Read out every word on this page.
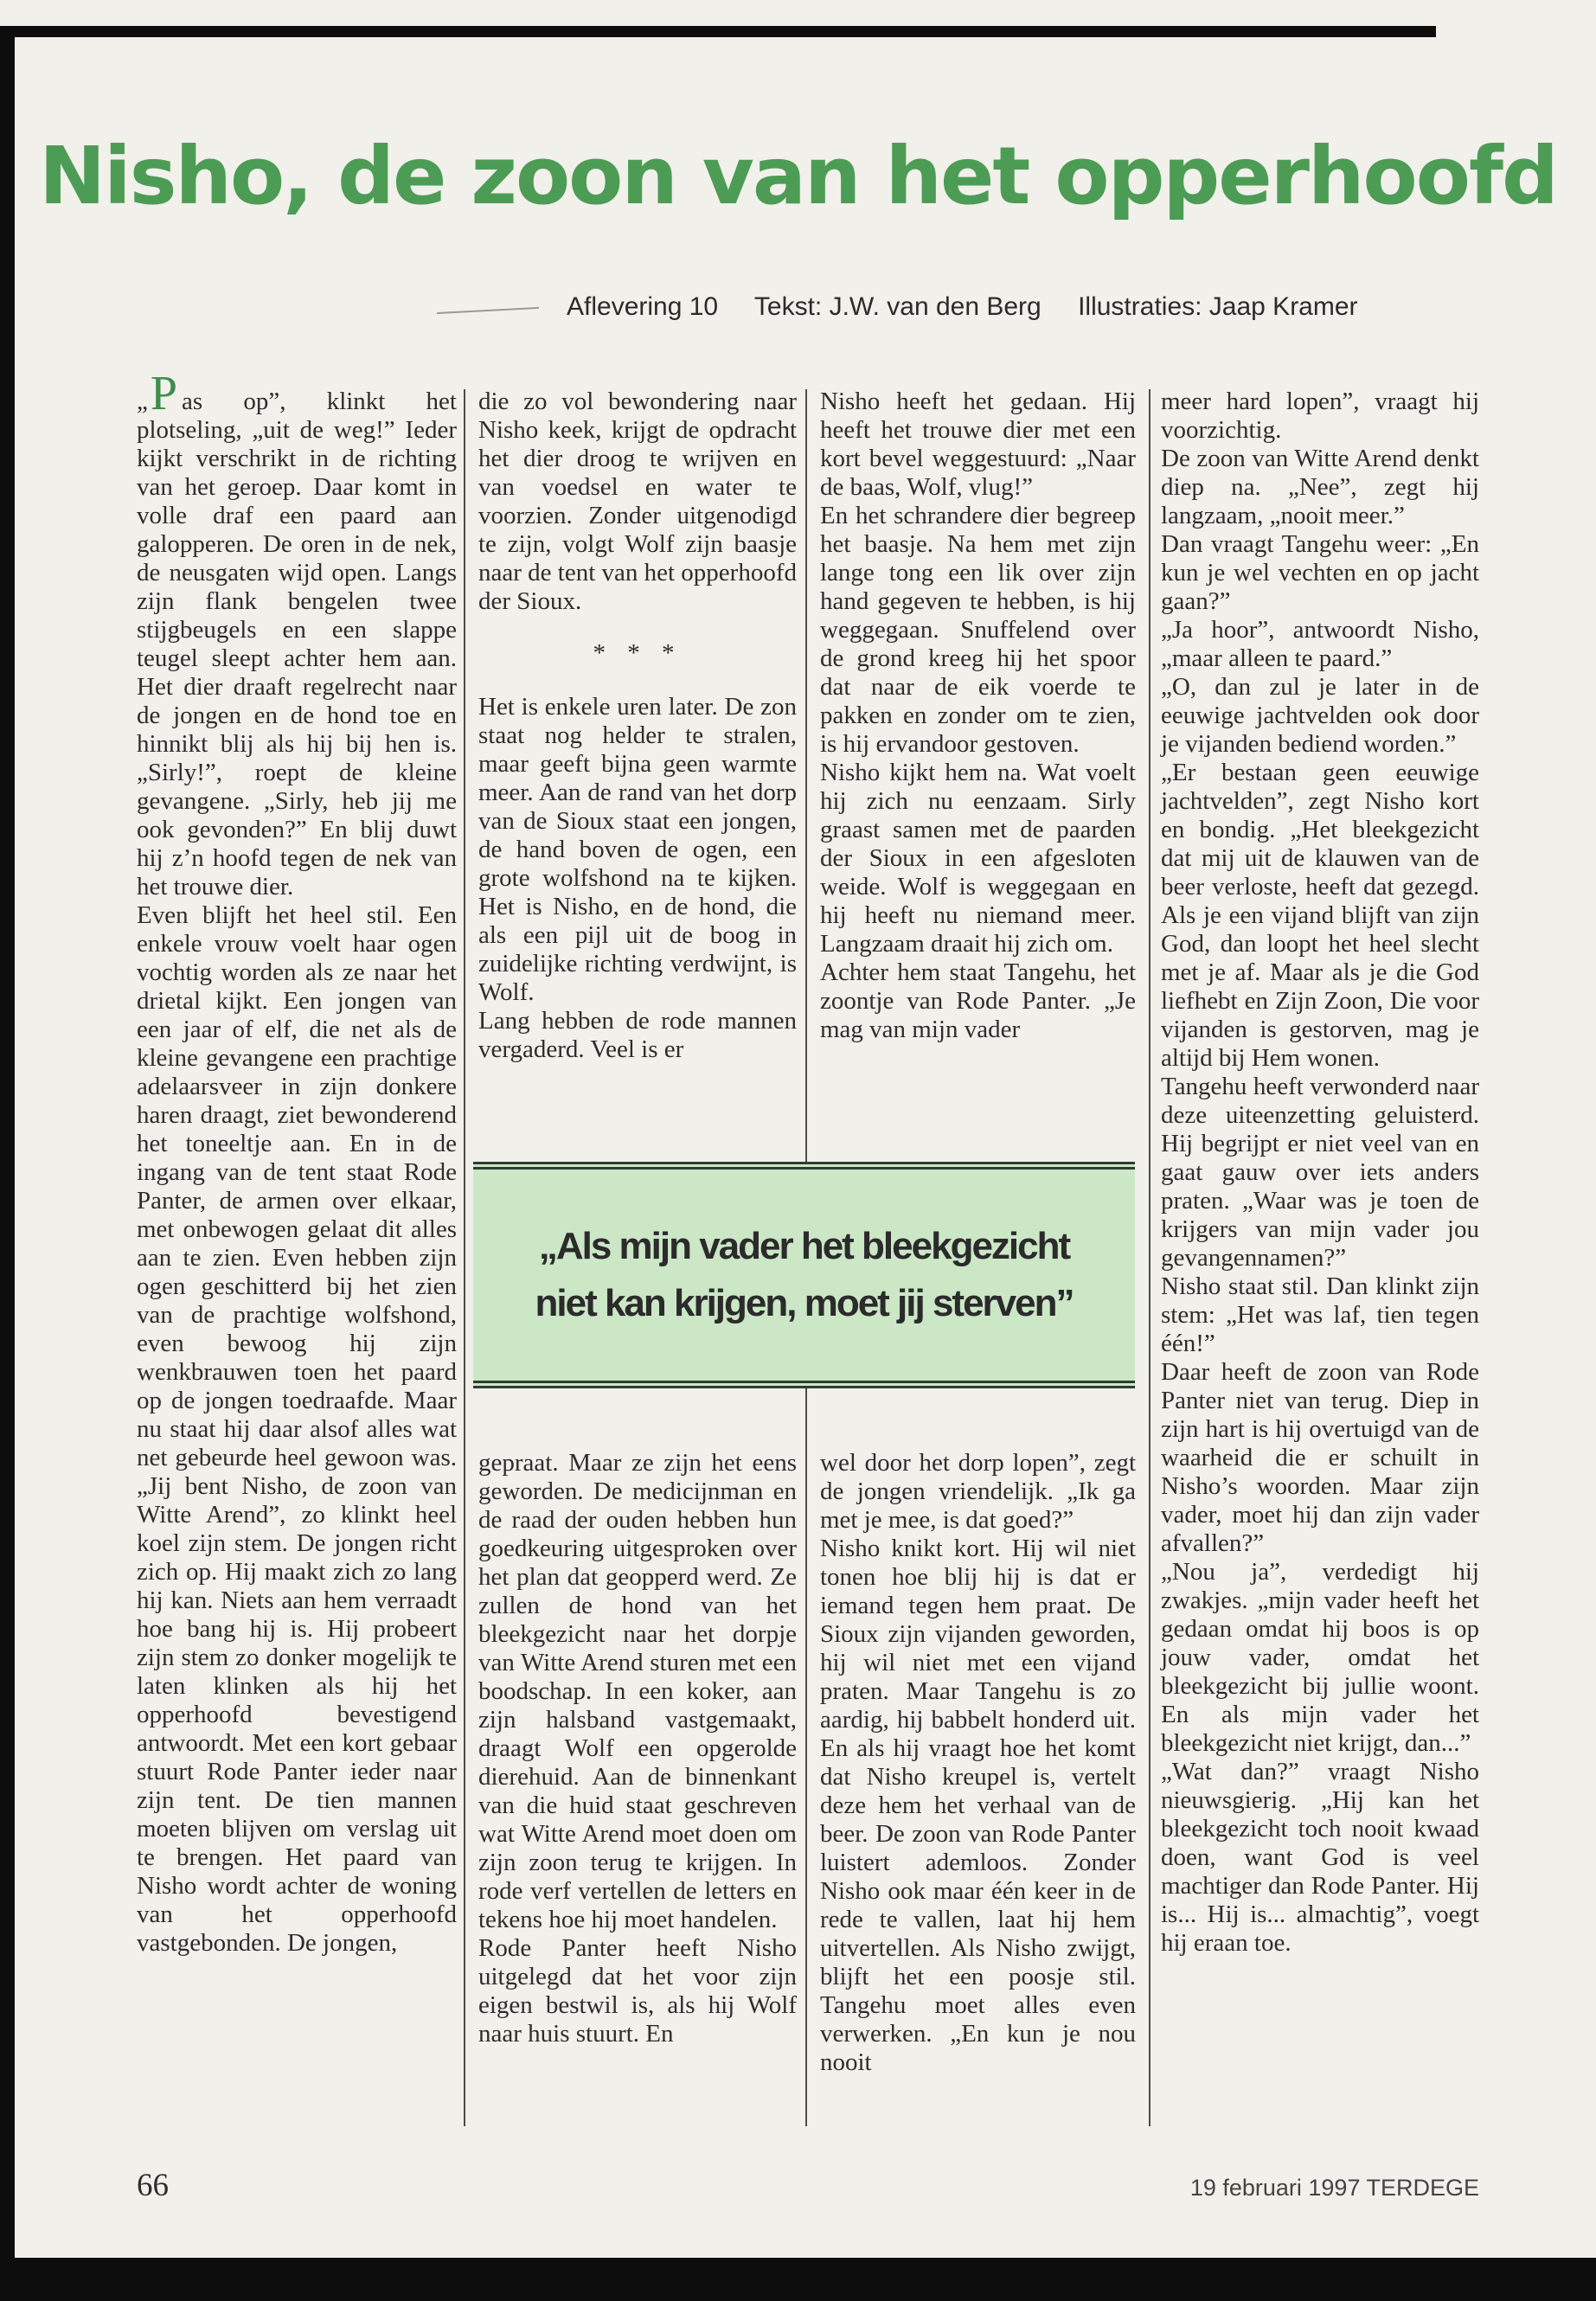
Nisho, de zoon van het opperhoofd
Aflevering 10 Tekst: J.W. van den Berg Illustraties: Jaap Kramer

„P as op”, klinkt het plotseling, „uit de weg!” Ieder kijkt verschrikt in de richting van het geroep. Daar komt in volle draf een paard aan galopperen. De oren in de nek, de neusgaten wijd open. Langs zijn flank bengelen twee stijgbeugels en een slappe teugel sleept achter hem aan. Het dier draaft regelrecht naar de jongen en de hond toe en hinnikt blij als hij bij hen is. „Sirly!”, roept de kleine gevangene. „Sirly, heb jij me ook gevonden?” En blij duwt hij z’n hoofd tegen de nek van het trouwe dier.

Even blijft het heel stil. Een enkele vrouw voelt haar ogen vochtig worden als ze naar het drietal kijkt. Een jongen van een jaar of elf, die net als de kleine gevangene een prachtige adelaarsveer in zijn donkere haren draagt, ziet bewonderend het toneeltje aan. En in de ingang van de tent staat Rode Panter, de armen over elkaar, met onbewogen gelaat dit alles aan te zien. Even hebben zijn ogen geschitterd bij het zien van de prachtige wolfshond, even bewoog hij zijn wenkbrauwen toen het paard op de jongen toedraafde. Maar nu staat hij daar alsof alles wat net gebeurde heel gewoon was. „Jij bent Nisho, de zoon van Witte Arend”, zo klinkt heel koel zijn stem. De jongen richt zich op. Hij maakt zich zo lang hij kan. Niets aan hem verraadt hoe bang hij is. Hij probeert zijn stem zo donker mogelijk te laten klinken als hij het opperhoofd bevestigend antwoordt. Met een kort gebaar stuurt Rode Panter ieder naar zijn tent. De tien mannen moeten blijven om verslag uit te brengen. Het paard van Nisho wordt achter de woning van het opperhoofd vastgebonden. De jongen,

die zo vol bewondering naar Nisho keek, krijgt de opdracht het dier droog te wrijven en van voedsel en water te voorzien. Zonder uitgenodigd te zijn, volgt Wolf zijn baasje naar de tent van het opperhoofd der Sioux.

* * *

Het is enkele uren later. De zon staat nog helder te stralen, maar geeft bijna geen warmte meer. Aan de rand van het dorp van de Sioux staat een jongen, de hand boven de ogen, een grote wolfshond na te kijken. Het is Nisho, en de hond, die als een pijl uit de boog in zuidelijke richting verdwijnt, is Wolf.

Lang hebben de rode mannen vergaderd. Veel is er

gepraat. Maar ze zijn het eens geworden. De medicijnman en de raad der ouden hebben hun goedkeuring uitgesproken over het plan dat geopperd werd. Ze zullen de hond van het bleekgezicht naar het dorpje van Witte Arend sturen met een boodschap. In een koker, aan zijn halsband vastgemaakt, draagt Wolf een opgerolde dierehuid. Aan de binnenkant van die huid staat geschreven wat Witte Arend moet doen om zijn zoon terug te krijgen. In rode verf vertellen de letters en tekens hoe hij moet handelen.

Rode Panter heeft Nisho uitgelegd dat het voor zijn eigen bestwil is, als hij Wolf naar huis stuurt. En

Nisho heeft het gedaan. Hij heeft het trouwe dier met een kort bevel weggestuurd: „Naar de baas, Wolf, vlug!”

En het schrandere dier begreep het baasje. Na hem met zijn lange tong een lik over zijn hand gegeven te hebben, is hij weggegaan. Snuffelend over de grond kreeg hij het spoor dat naar de eik voerde te pakken en zonder om te zien, is hij ervandoor gestoven.

Nisho kijkt hem na. Wat voelt hij zich nu eenzaam. Sirly graast samen met de paarden der Sioux in een afgesloten weide. Wolf is weggegaan en hij heeft nu niemand meer. Langzaam draait hij zich om.

Achter hem staat Tangehu, het zoontje van Rode Panter. „Je mag van mijn vader

wel door het dorp lopen”, zegt de jongen vriendelijk. „Ik ga met je mee, is dat goed?”

Nisho knikt kort. Hij wil niet tonen hoe blij hij is dat er iemand tegen hem praat. De Sioux zijn vijanden geworden, hij wil niet met een vijand praten. Maar Tangehu is zo aardig, hij babbelt honderd uit. En als hij vraagt hoe het komt dat Nisho kreupel is, vertelt deze hem het verhaal van de beer. De zoon van Rode Panter luistert ademloos. Zonder Nisho ook maar één keer in de rede te vallen, laat hij hem uitvertellen. Als Nisho zwijgt, blijft het een poosje stil. Tangehu moet alles even verwerken. „En kun je nou nooit

meer hard lopen”, vraagt hij voorzichtig.

De zoon van Witte Arend denkt diep na. „Nee”, zegt hij langzaam, „nooit meer.”

Dan vraagt Tangehu weer: „En kun je wel vechten en op jacht gaan?”

„Ja hoor”, antwoordt Nisho, „maar alleen te paard.”

„O, dan zul je later in de eeuwige jachtvelden ook door je vijanden bediend worden.”

„Er bestaan geen eeuwige jachtvelden”, zegt Nisho kort en bondig. „Het bleekgezicht dat mij uit de klauwen van de beer verloste, heeft dat gezegd. Als je een vijand blijft van zijn God, dan loopt het heel slecht met je af. Maar als je die God liefhebt en Zijn Zoon, Die voor vijanden is gestorven, mag je altijd bij Hem wonen.

Tangehu heeft verwonderd naar deze uiteenzetting geluisterd. Hij begrijpt er niet veel van en gaat gauw over iets anders praten. „Waar was je toen de krijgers van mijn vader jou gevangennamen?”

Nisho staat stil. Dan klinkt zijn stem: „Het was laf, tien tegen één!”

Daar heeft de zoon van Rode Panter niet van terug. Diep in zijn hart is hij overtuigd van de waarheid die er schuilt in Nisho’s woorden. Maar zijn vader, moet hij dan zijn vader afvallen?”

„Nou ja”, verdedigt hij zwakjes. „mijn vader heeft het gedaan omdat hij boos is op jouw vader, omdat het bleekgezicht bij jullie woont. En als mijn vader het bleekgezicht niet krijgt, dan...”

„Wat dan?” vraagt Nisho nieuwsgierig. „Hij kan het bleekgezicht toch nooit kwaad doen, want God is veel machtiger dan Rode Panter. Hij is... Hij is... almachtig”, voegt hij eraan toe.

„Als mijn vader het bleekgezicht
niet kan krijgen, moet jij sterven”
66	19 februari 1997 TERDEGE
